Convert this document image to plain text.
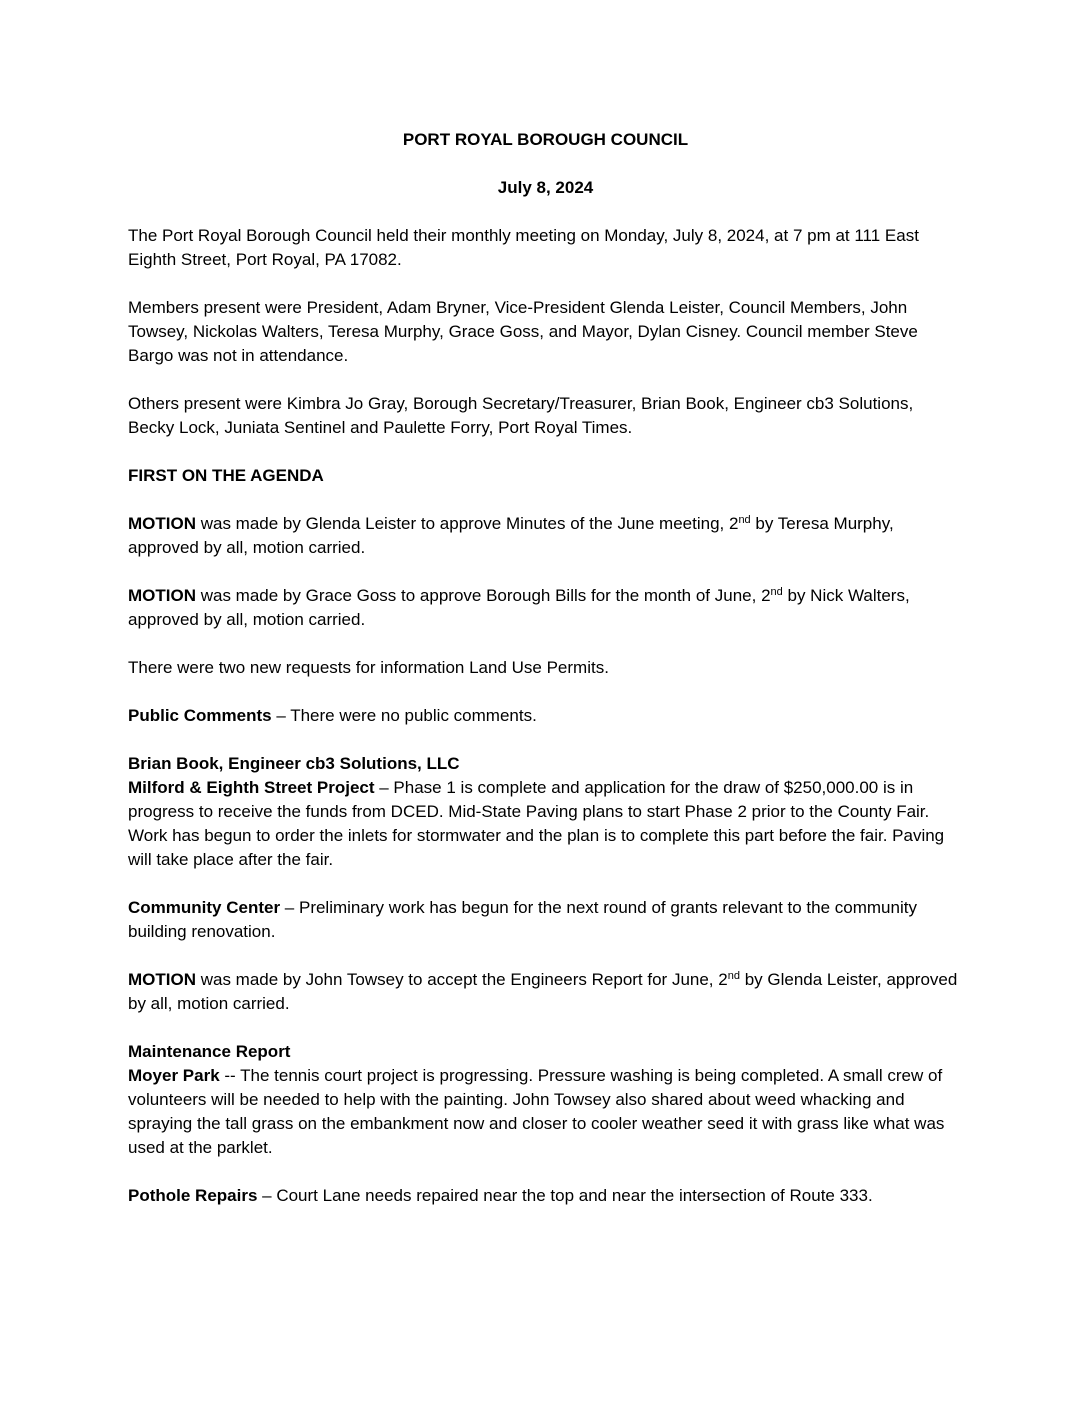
PORT ROYAL BOROUGH COUNCIL
July 8, 2024

The Port Royal Borough Council held their monthly meeting on Monday, July 8, 2024, at 7 pm at 111 East Eighth Street, Port Royal, PA 17082.

Members present were President, Adam Bryner, Vice-President Glenda Leister, Council Members, John Towsey, Nickolas Walters, Teresa Murphy, Grace Goss, and Mayor, Dylan Cisney. Council member Steve Bargo was not in attendance.

Others present were Kimbra Jo Gray, Borough Secretary/Treasurer, Brian Book, Engineer cb3 Solutions, Becky Lock, Juniata Sentinel and Paulette Forry, Port Royal Times.

FIRST ON THE AGENDA

MOTION was made by Glenda Leister to approve Minutes of the June meeting, 2nd by Teresa Murphy, approved by all, motion carried.

MOTION was made by Grace Goss to approve Borough Bills for the month of June, 2nd by Nick Walters, approved by all, motion carried.

There were two new requests for information Land Use Permits.

Public Comments – There were no public comments.

Brian Book, Engineer cb3 Solutions, LLC

Milford & Eighth Street Project – Phase 1 is complete and application for the draw of $250,000.00 is in progress to receive the funds from DCED. Mid-State Paving plans to start Phase 2 prior to the County Fair. Work has begun to order the inlets for stormwater and the plan is to complete this part before the fair. Paving will take place after the fair.

Community Center – Preliminary work has begun for the next round of grants relevant to the community building renovation.

MOTION was made by John Towsey to accept the Engineers Report for June, 2nd by Glenda Leister, approved by all, motion carried.

Maintenance Report

Moyer Park -- The tennis court project is progressing. Pressure washing is being completed. A small crew of volunteers will be needed to help with the painting. John Towsey also shared about weed whacking and spraying the tall grass on the embankment now and closer to cooler weather seed it with grass like what was used at the parklet.

Pothole Repairs – Court Lane needs repaired near the top and near the intersection of Route 333.
